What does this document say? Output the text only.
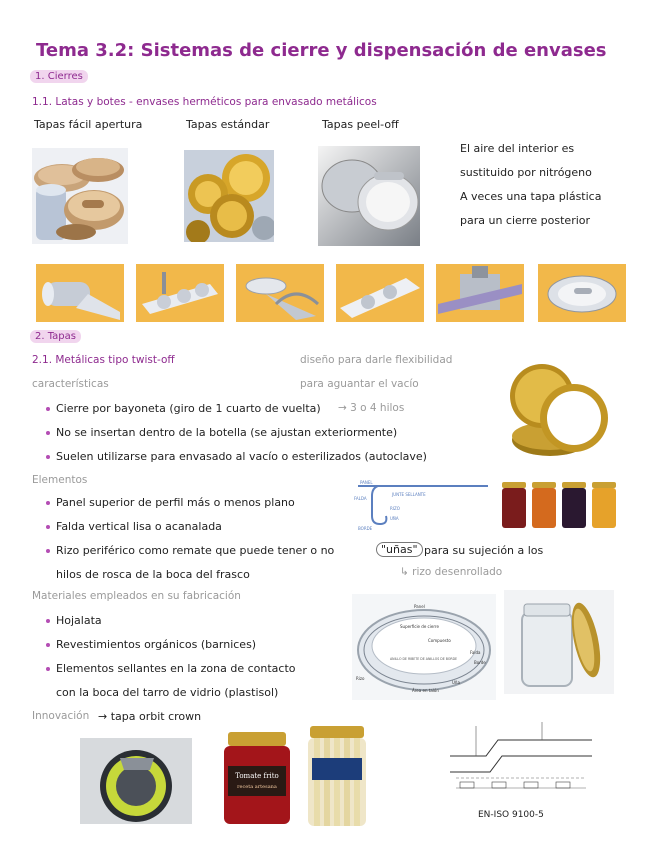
Tema 3.2: Sistemas de cierre y dispensación de envases
1. Cierres
1.1. Latas y botes - envases herméticos para envasado metálicos
Tapas fácil apertura	Tapas estándar	Tapas peel-off
El aire del interior es
sustituido por nitrógeno
A veces una tapa plástica
para un cierre posterior
2. Tapas
2.1. Metálicas tipo twist-off	diseño para darle flexibilidad
para aguantar el vacío
características
Cierre por bayoneta (giro de 1 cuarto de vuelta) → 3 o 4 hilos
No se insertan dentro de la botella (se ajustan exteriormente)
Suelen utilizarse para envasado al vacío o esterilizados (autoclave)
Elementos
Panel superior de perfil más o menos plano
Falda vertical lisa o acanalada
Rizo periférico como remate que puede tener o no	"uñas" para su sujeción a los
hilos de rosca de la boca del frasco	↳ rizo desenrollado
PANEL
FALDA
JUNTE SELLANTE
RIZO
UÑA
BORDE
Materiales empleados en su fabricación
Hojalata
Revestimientos orgánicos (barnices)
Elementos sellantes en la zona de contacto
con la boca del tarro de vidrio (plastisol)
Panel
Superficie de cierre
Compuesto
Borde
Rizo
Falda
Uña
Área en talón
ANILLO DE RIBETE DE ANILLOS DE BORDE
Innovación → tapa orbit crown
Tomate frito
receta artesana
EN-ISO 9100-5
